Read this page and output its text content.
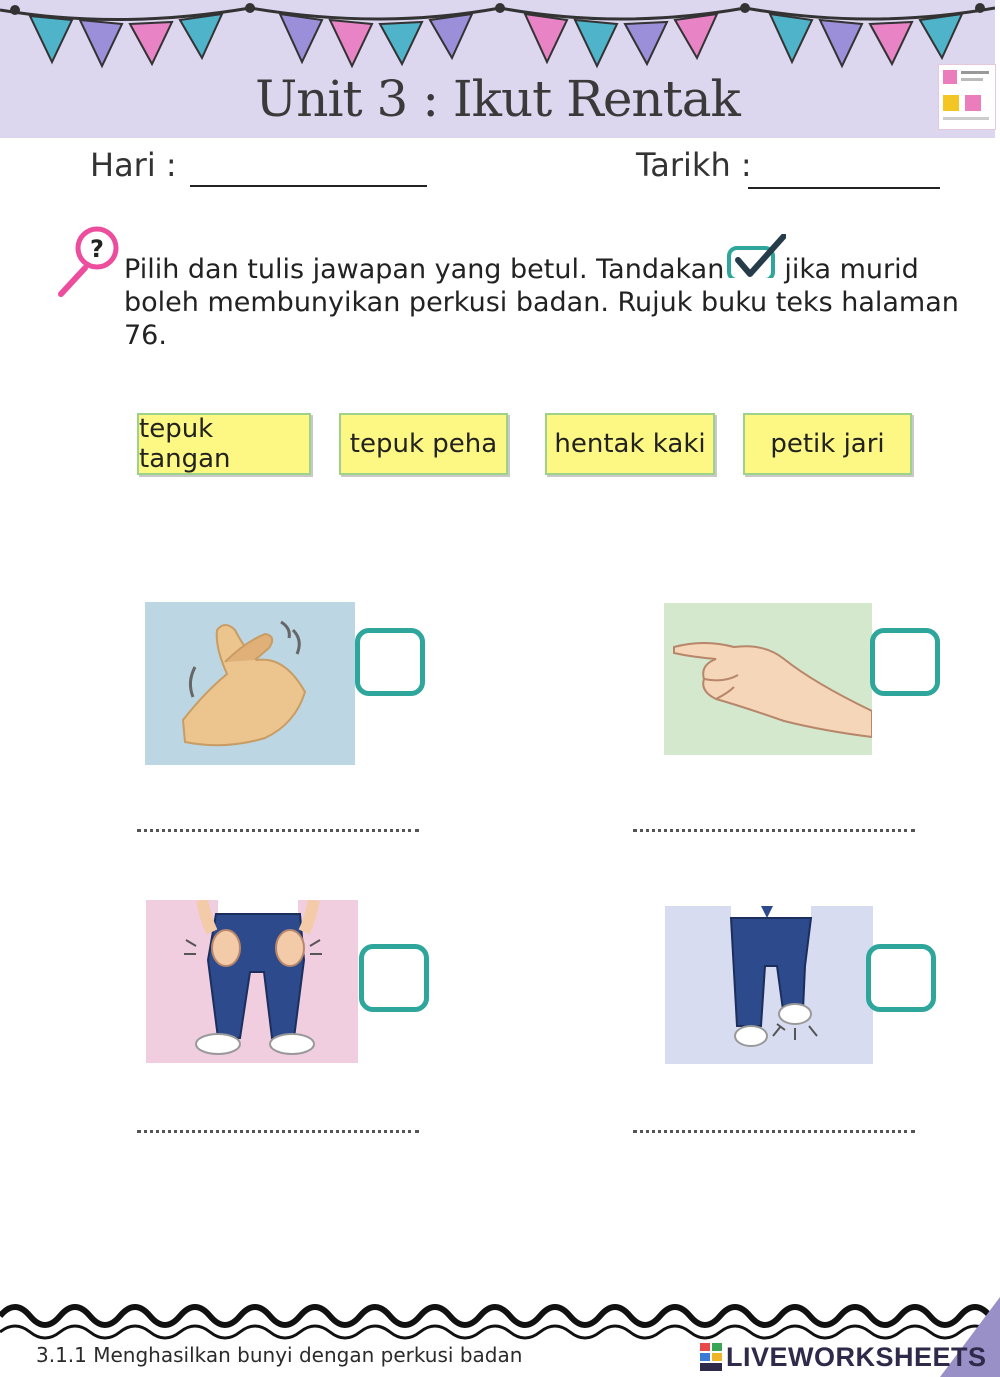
Unit 3 : Ikut Rentak
Hari :	Tarikh :
?
Pilih dan tulis jawapan yang betul. Tandakan jika murid boleh membunyikan perkusi badan. Rujuk buku teks halaman 76.
tepuk tangan	tepuk peha	hentak kaki	petik jari
3.1.1 Menghasilkan bunyi dengan perkusi badan	LIVEWORKSHEETS
